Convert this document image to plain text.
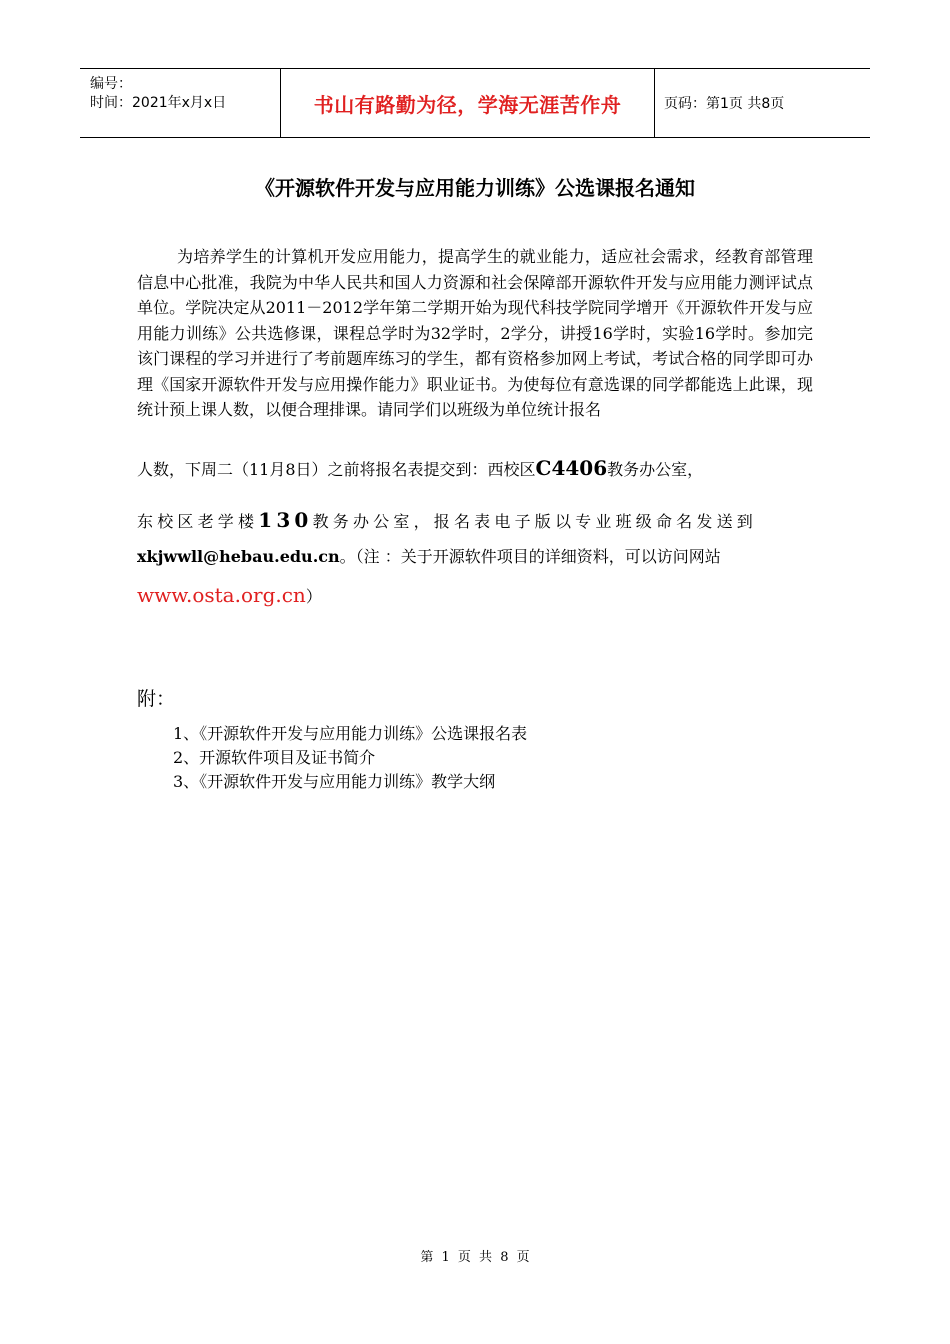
编号：
时间：2021年x月x日	书山有路勤为径，学海无涯苦作舟	页码：第1页 共8页
《开源软件开发与应用能力训练》公选课报名通知
为培养学生的计算机开发应用能力，提高学生的就业能力，适应社会需求，经教育部管理信息中心批准，我院为中华人民共和国人力资源和社会保障部开源软件开发与应用能力测评试点单位。学院决定从2011－2012学年第二学期开始为现代科技学院同学增开《开源软件开发与应用能力训练》公共选修课，课程总学时为32学时，2学分，讲授16学时，实验16学时。参加完该门课程的学习并进行了考前题库练习的学生，都有资格参加网上考试，考试合格的同学即可办理《国家开源软件开发与应用操作能力》职业证书。为使每位有意选课的同学都能选上此课，现统计预上课人数，以便合理排课。请同学们以班级为单位统计报名
人数，下周二（11月8日）之前将报名表提交到：西校区C4406教务办公室，
东校区老学楼130教务办公室，报名表电子版以专业班级命名发送到
xkjwwll@hebau.edu.cn。（注 ：关于开源软件项目的详细资料，可以访问网站
www.osta.org.cn）
附：
1、《开源软件开发与应用能力训练》公选课报名表
2、开源软件项目及证书简介
3、《开源软件开发与应用能力训练》教学大纲
第 1 页 共 8 页
